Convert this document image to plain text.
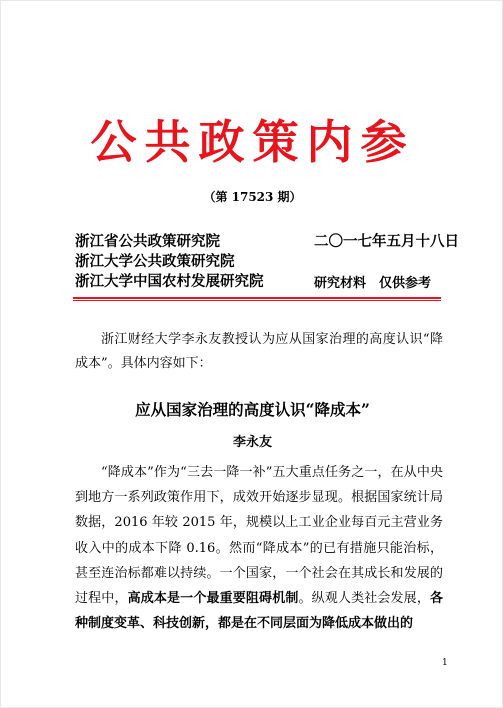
公共政策内参
（第 17523 期）
浙江省公共政策研究院
浙江大学公共政策研究院
浙江大学中国农村发展研究院
二〇一七年五月十八日
研究材料　仅供参考

浙江财经大学李永友教授认为应从国家治理的高度认识“降成本”。具体内容如下：

应从国家治理的高度认识“降成本”
李永友

“降成本”作为“三去一降一补”五大重点任务之一，在从中央到地方一系列政策作用下，成效开始逐步显现。根据国家统计局数据，2016 年较 2015 年，规模以上工业企业每百元主营业务收入中的成本下降 0.16。然而“降成本”的已有措施只能治标，甚至连治标都难以持续。一个国家，一个社会在其成长和发展的过程中，高成本是一个最重要阻碍机制。纵观人类社会发展，各种制度变革、科技创新，都是在不同层面为降低成本做出的

1
